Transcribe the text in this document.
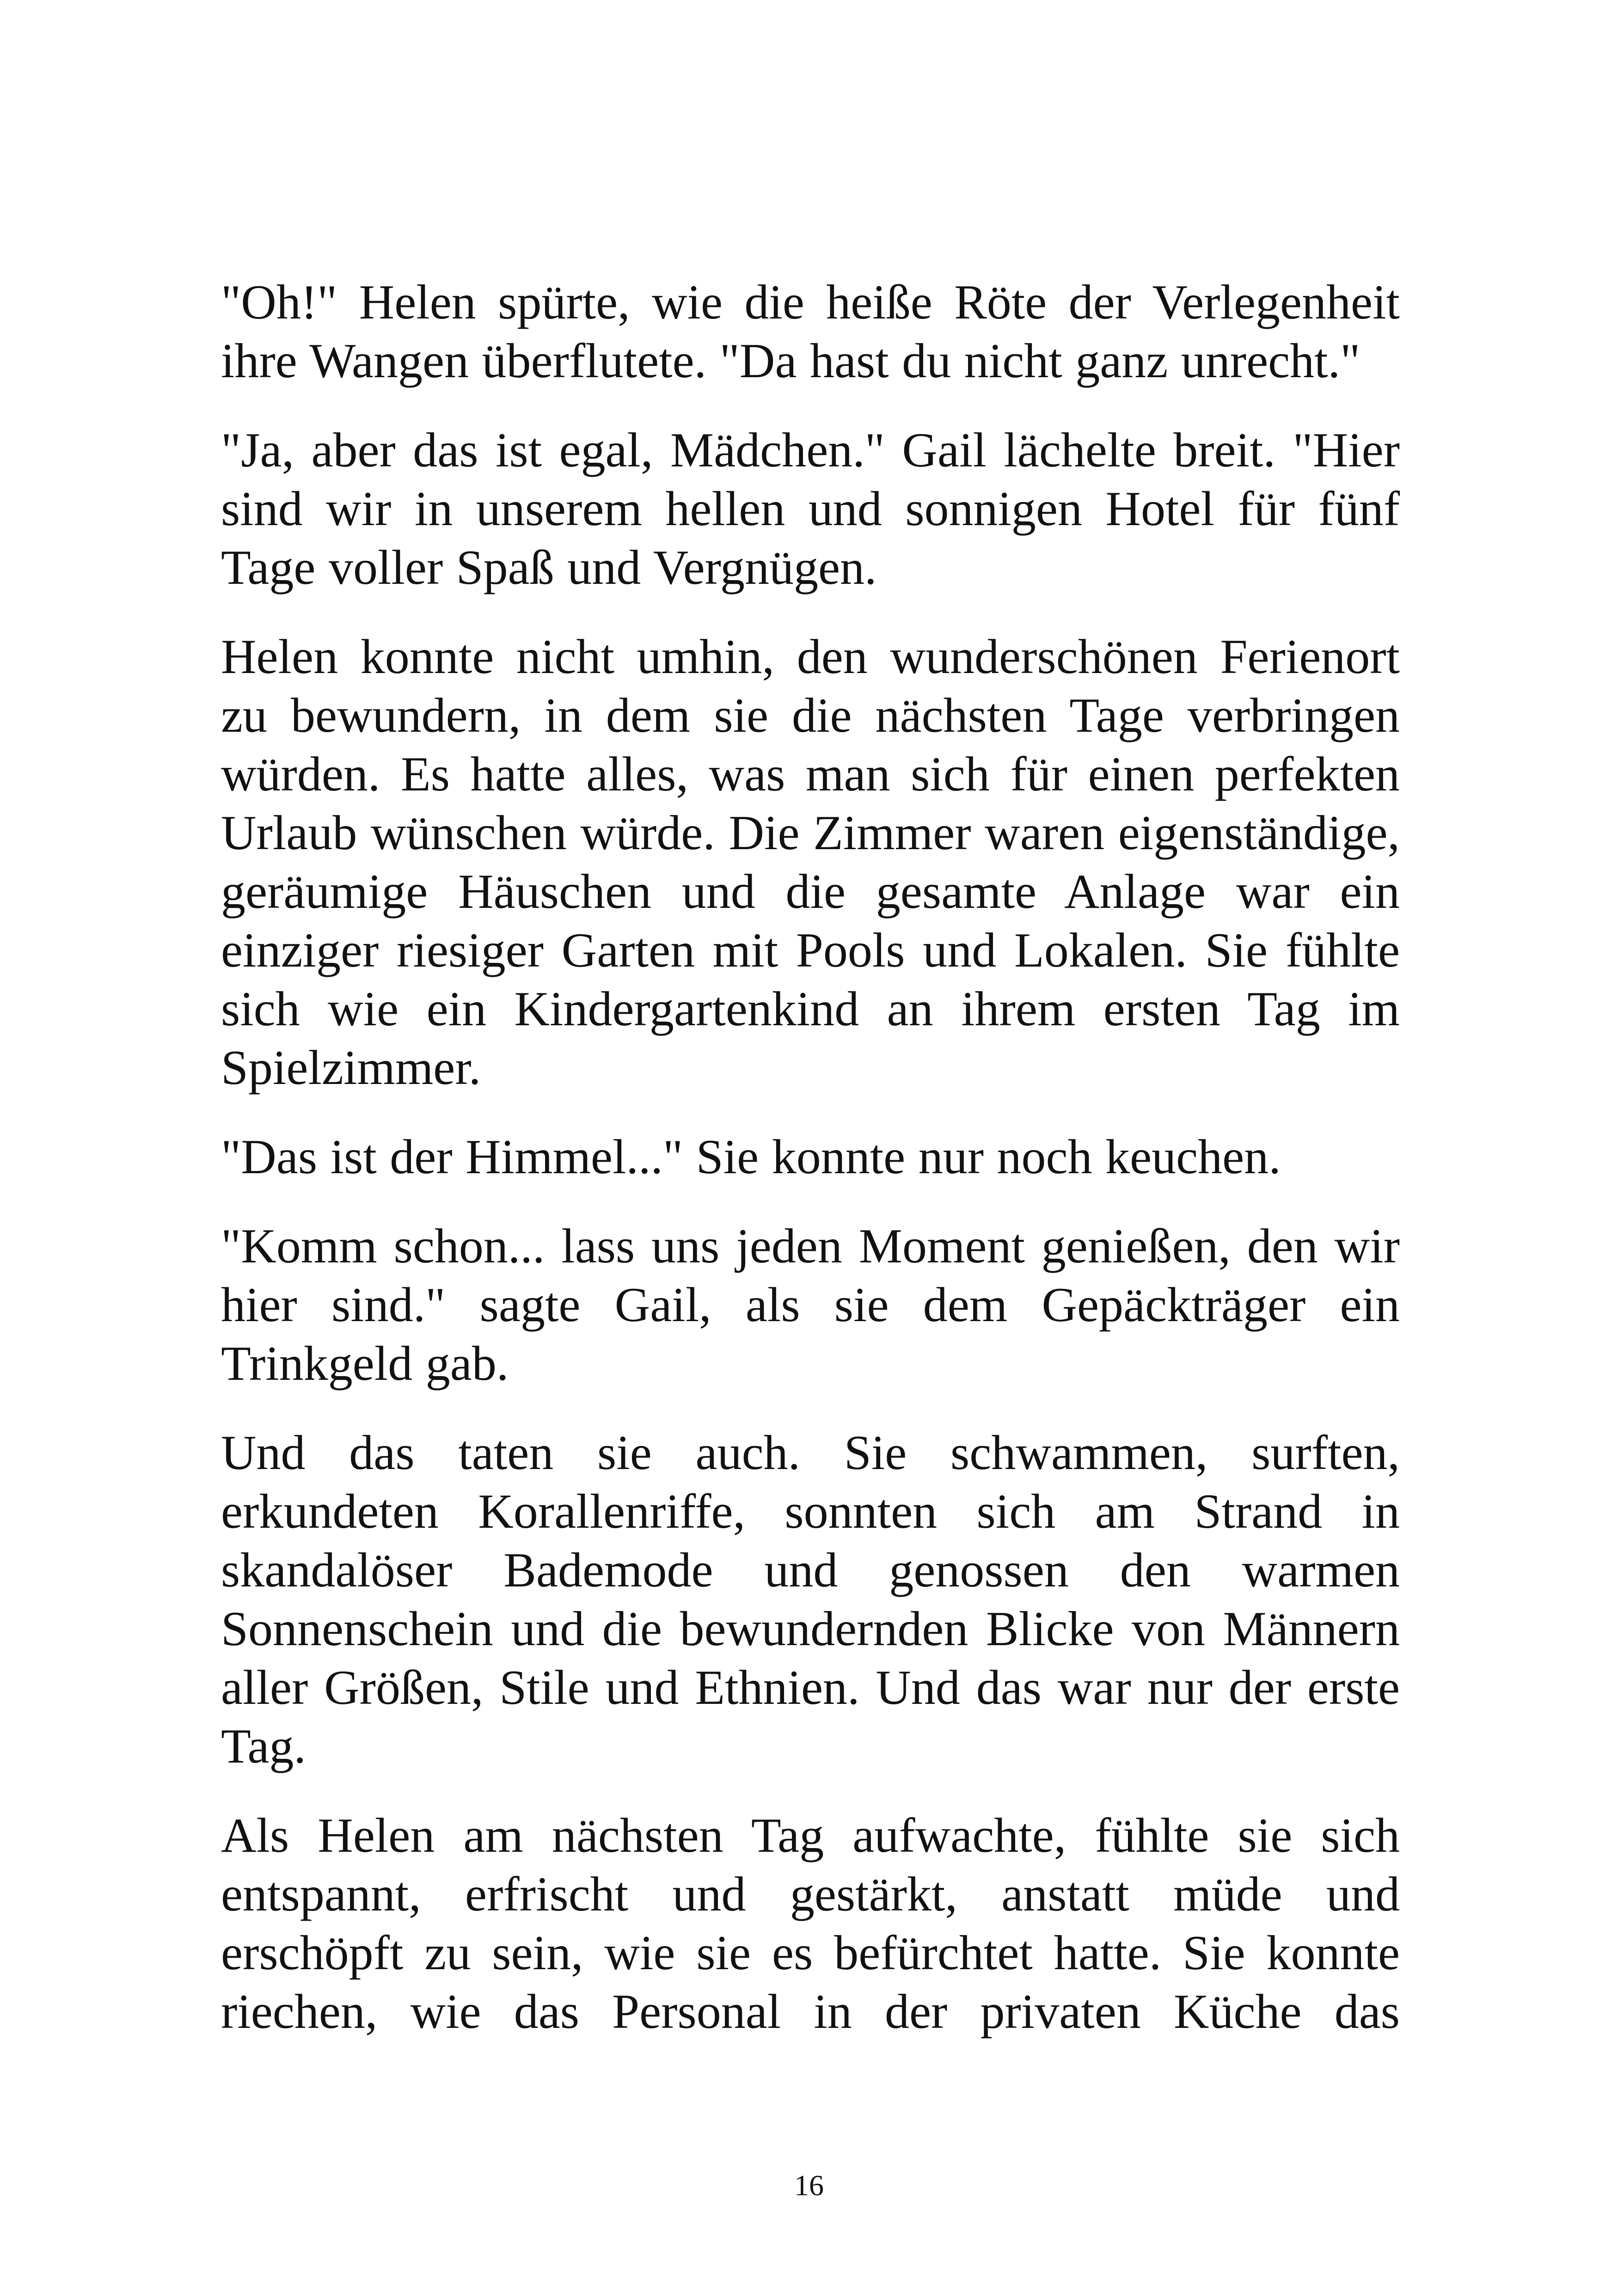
"Oh!" Helen spürte, wie die heiße Röte der Verlegenheit ihre Wangen überflutete. "Da hast du nicht ganz unrecht."

"Ja, aber das ist egal, Mädchen." Gail lächelte breit. "Hier sind wir in unserem hellen und sonnigen Hotel für fünf Tage voller Spaß und Vergnügen.

Helen konnte nicht umhin, den wunderschönen Ferienort zu bewundern, in dem sie die nächsten Tage verbringen würden. Es hatte alles, was man sich für einen perfekten Urlaub wünschen würde. Die Zimmer waren eigenständige, geräumige Häuschen und die gesamte Anlage war ein einziger riesiger Garten mit Pools und Lokalen. Sie fühlte sich wie ein Kindergartenkind an ihrem ersten Tag im Spielzimmer.

"Das ist der Himmel..." Sie konnte nur noch keuchen.

"Komm schon... lass uns jeden Moment genießen, den wir hier sind." sagte Gail, als sie dem Gepäckträger ein Trinkgeld gab.

Und das taten sie auch. Sie schwammen, surften, erkundeten Korallenriffe, sonnten sich am Strand in skandalöser Bademode und genossen den warmen Sonnenschein und die bewundernden Blicke von Männern aller Größen, Stile und Ethnien. Und das war nur der erste Tag.

Als Helen am nächsten Tag aufwachte, fühlte sie sich entspannt, erfrischt und gestärkt, anstatt müde und erschöpft zu sein, wie sie es befürchtet hatte. Sie konnte riechen, wie das Personal in der privaten Küche das

16
